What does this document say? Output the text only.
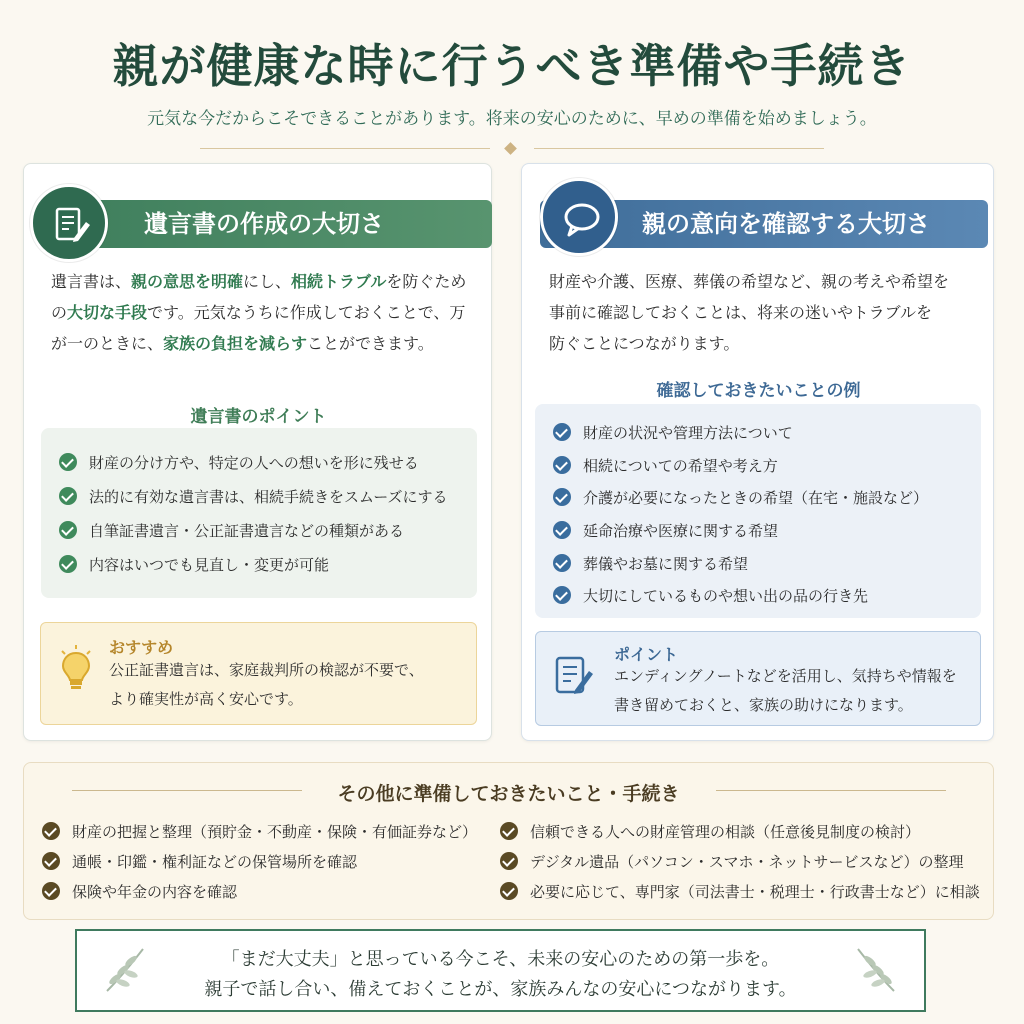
親が健康な時に行うべき準備や手続き
元気な今だからこそできることがあります。将来の安心のために、早めの準備を始めましょう。
遺言書の作成の大切さ
遺言書は、親の意思を明確にし、相続トラブルを防ぐための大切な手段です。元気なうちに作成しておくことで、万が一のときに、家族の負担を減らすことができます。
遺言書のポイント
財産の分け方や、特定の人への想いを形に残せる
法的に有効な遺言書は、相続手続きをスムーズにする
自筆証書遺言・公正証書遺言などの種類がある
内容はいつでも見直し・変更が可能
おすすめ
公正証書遺言は、家庭裁判所の検認が不要で、
より確実性が高く安心です。
親の意向を確認する大切さ
財産や介護、医療、葬儀の希望など、親の考えや希望を
事前に確認しておくことは、将来の迷いやトラブルを
防ぐことにつながります。
確認しておきたいことの例
財産の状況や管理方法について
相続についての希望や考え方
介護が必要になったときの希望（在宅・施設など）
延命治療や医療に関する希望
葬儀やお墓に関する希望
大切にしているものや想い出の品の行き先
ポイント
エンディングノートなどを活用し、気持ちや情報を
書き留めておくと、家族の助けになります。
その他に準備しておきたいこと・手続き
財産の把握と整理（預貯金・不動産・保険・有価証券など）
通帳・印鑑・権利証などの保管場所を確認
保険や年金の内容を確認
信頼できる人への財産管理の相談（任意後見制度の検討）
デジタル遺品（パソコン・スマホ・ネットサービスなど）の整理
必要に応じて、専門家（司法書士・税理士・行政書士など）に相談
「まだ大丈夫」と思っている今こそ、未来の安心のための第一歩を。
親子で話し合い、備えておくことが、家族みんなの安心につながります。
